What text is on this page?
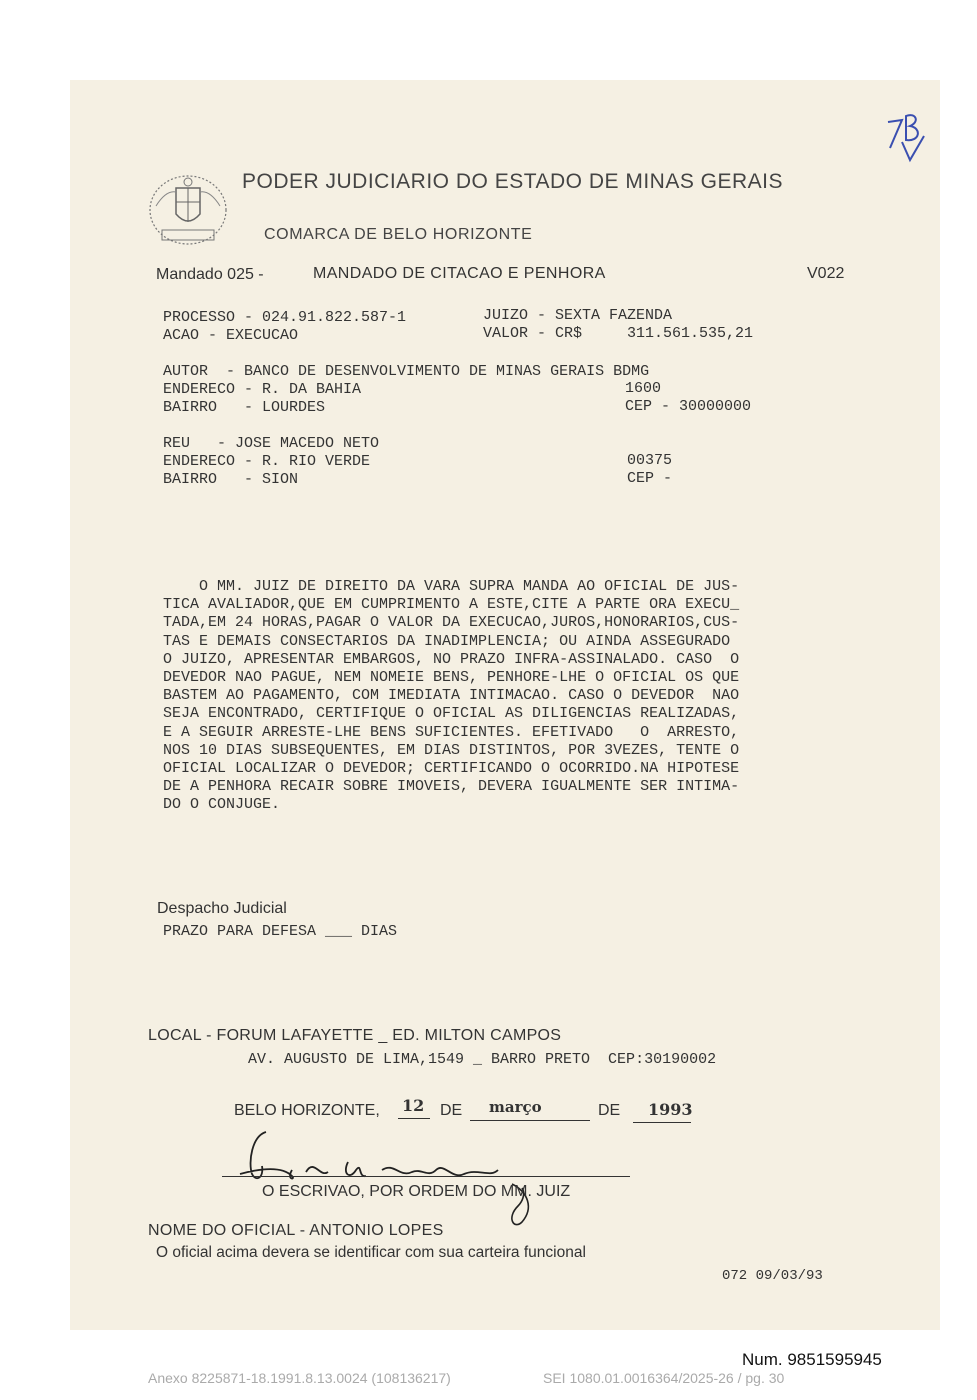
PODER JUDICIARIO DO ESTADO DE MINAS GERAIS
COMARCA DE BELO HORIZONTE
Mandado 025 -	MANDADO DE CITACAO E PENHORA	V022
PROCESSO - 024.91.822.587-1	JUIZO - SEXTA FAZENDA
ACAO - EXECUCAO	VALOR - CR$     311.561.535,21
AUTOR  - BANCO DE DESENVOLVIMENTO DE MINAS GERAIS BDMG
ENDERECO - R. DA BAHIA	1600
BAIRRO   - LOURDES	CEP - 30000000
REU   - JOSE MACEDO NETO
ENDERECO - R. RIO VERDE	00375
BAIRRO   - SION	CEP -
O MM. JUIZ DE DIREITO DA VARA SUPRA MANDA AO OFICIAL DE JUS-
TICA AVALIADOR,QUE EM CUMPRIMENTO A ESTE,CITE A PARTE ORA EXECU_
TADA,EM 24 HORAS,PAGAR O VALOR DA EXECUCAO,JUROS,HONORARIOS,CUS-
TAS E DEMAIS CONSECTARIOS DA INADIMPLENCIA; OU AINDA ASSEGURADO
O JUIZO, APRESENTAR EMBARGOS, NO PRAZO INFRA-ASSINALADO. CASO  O
DEVEDOR NAO PAGUE, NEM NOMEIE BENS, PENHORE-LHE O OFICIAL OS QUE
BASTEM AO PAGAMENTO, COM IMEDIATA INTIMACAO. CASO O DEVEDOR  NAO
SEJA ENCONTRADO, CERTIFIQUE O OFICIAL AS DILIGENCIAS REALIZADAS,
E A SEGUIR ARRESTE-LHE BENS SUFICIENTES. EFETIVADO   O  ARRESTO,
NOS 10 DIAS SUBSEQUENTES, EM DIAS DISTINTOS, POR 3VEZES, TENTE O
OFICIAL LOCALIZAR O DEVEDOR; CERTIFICANDO O OCORRIDO.NA HIPOTESE
DE A PENHORA RECAIR SOBRE IMOVEIS, DEVERA IGUALMENTE SER INTIMA-
DO O CONJUGE.
Despacho Judicial
PRAZO PARA DEFESA ___ DIAS
LOCAL - FORUM LAFAYETTE _ ED. MILTON CAMPOS
AV. AUGUSTO DE LIMA,1549 _ BARRO PRETO  CEP:30190002
BELO HORIZONTE, 12 DE março	DE 1993
O ESCRIVAO, POR ORDEM DO MM. JUIZ
NOME DO OFICIAL - ANTONIO LOPES
O oficial acima devera se identificar com sua carteira funcional
072 09/03/93
Num. 9851595945
Anexo 8225871-18.1991.8.13.0024 (108136217)	SEI 1080.01.0016364/2025-26 / pg. 30
